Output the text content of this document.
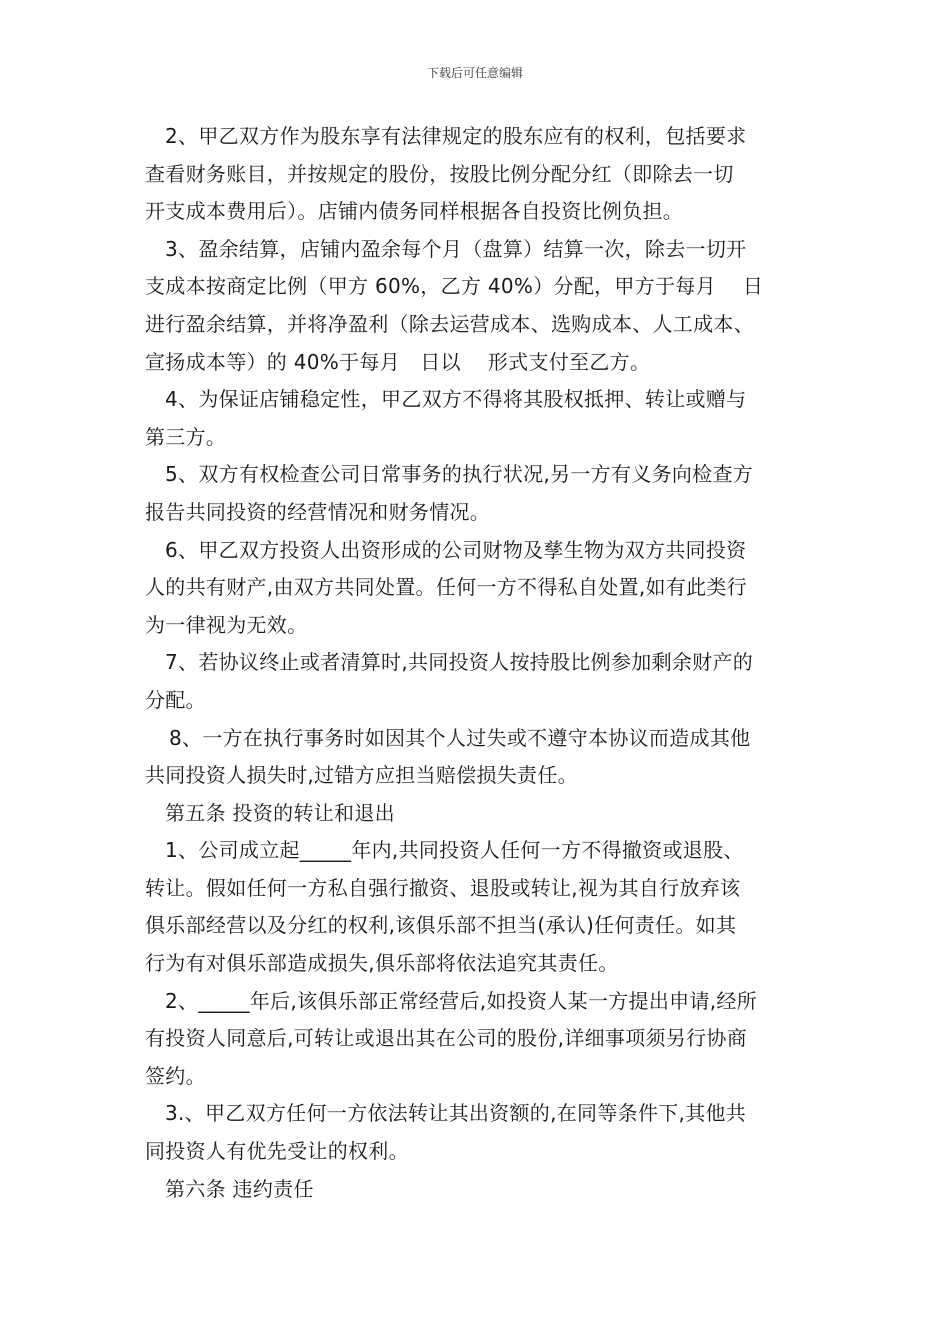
下载后可任意编辑
2、甲乙双方作为股东享有法律规定的股东应有的权利，包括要求
查看财务账目，并按规定的股份，按股比例分配分红（即除去一切
开支成本费用后）。店铺内债务同样根据各自投资比例负担。
3、盈余结算，店铺内盈余每个月（盘算）结算一次，除去一切开
支成本按商定比例（甲方 60%，乙方 40%）分配，甲方于每月　 日
进行盈余结算，并将净盈利（除去运营成本、选购成本、人工成本、
宣扬成本等）的 40%于每月　日以　 形式支付至乙方。
4、为保证店铺稳定性，甲乙双方不得将其股权抵押、转让或赠与
第三方。
5、双方有权检查公司日常事务的执行状况,另一方有义务向检查方
报告共同投资的经营情况和财务情况。
6、甲乙双方投资人出资形成的公司财物及孳生物为双方共同投资
人的共有财产,由双方共同处置。任何一方不得私自处置,如有此类行
为一律视为无效。
7、若协议终止或者清算时,共同投资人按持股比例参加剩余财产的
分配。
8、一方在执行事务时如因其个人过失或不遵守本协议而造成其他
共同投资人损失时,过错方应担当赔偿损失责任。
第五条 投资的转让和退出
1、公司成立起_____年内,共同投资人任何一方不得撤资或退股、
转让。假如任何一方私自强行撤资、退股或转让,视为其自行放弃该
俱乐部经营以及分红的权利,该俱乐部不担当(承认)任何责任。如其
行为有对俱乐部造成损失,俱乐部将依法追究其责任。
2、_____年后,该俱乐部正常经营后,如投资人某一方提出申请,经所
有投资人同意后,可转让或退出其在公司的股份,详细事项须另行协商
签约。
3.、甲乙双方任何一方依法转让其出资额的,在同等条件下,其他共
同投资人有优先受让的权利。
第六条 违约责任
